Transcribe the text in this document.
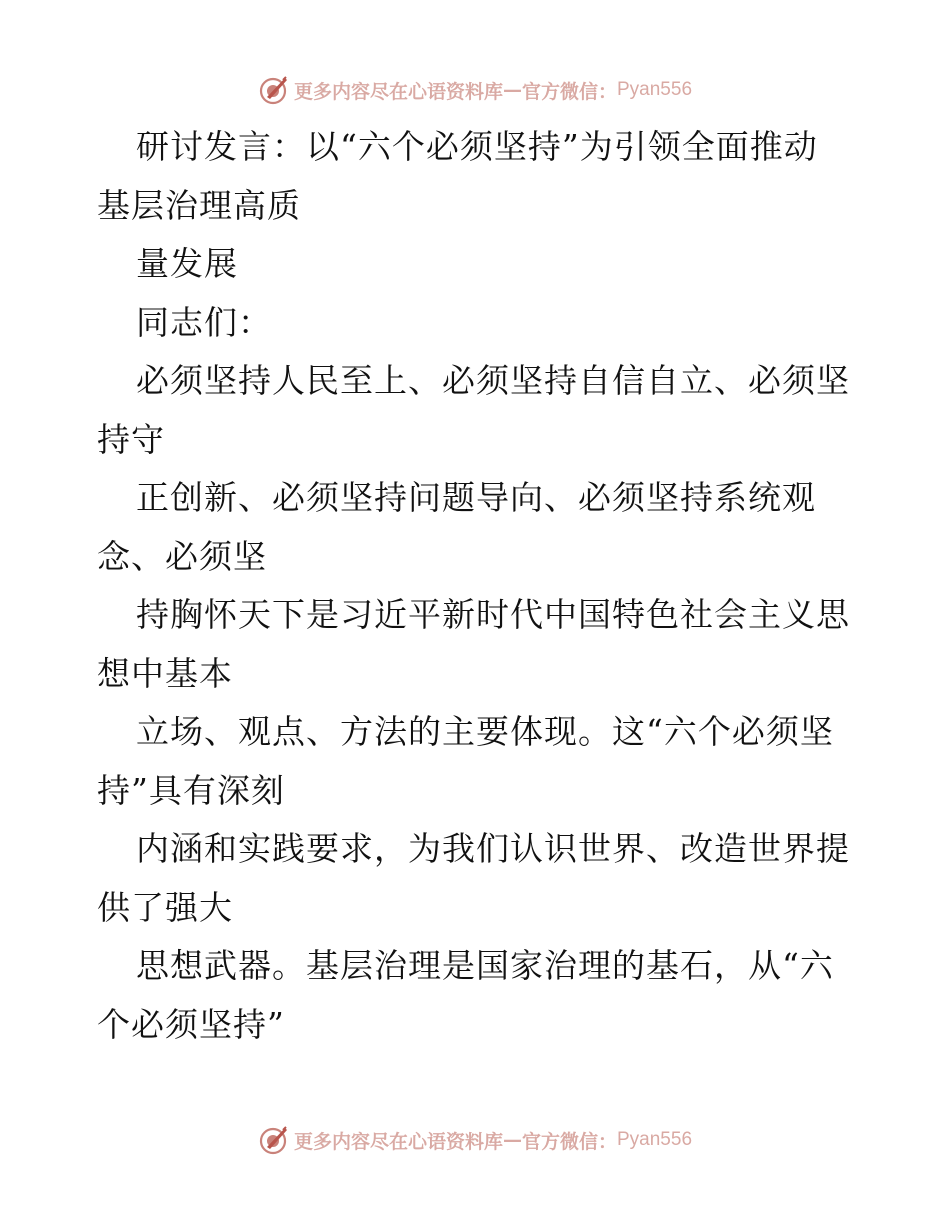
更多内容尽在心语资料库 — 官方微信： Pyan556
研讨发言：以“六个必须坚持”为引领全面推动
基层治理高质
量发展
同志们：
必须坚持人民至上、必须坚持自信自立、必须坚
持守
正创新、必须坚持问题导向、必须坚持系统观
念、必须坚
持胸怀天下是习近平新时代中国特色社会主义思
想中基本
立场、观点、方法的主要体现。这“六个必须坚
持”具有深刻
内涵和实践要求，为我们认识世界、改造世界提
供了强大
思想武器。基层治理是国家治理的基石，从“六
个必须坚持”
更多内容尽在心语资料库 — 官方微信： Pyan556
